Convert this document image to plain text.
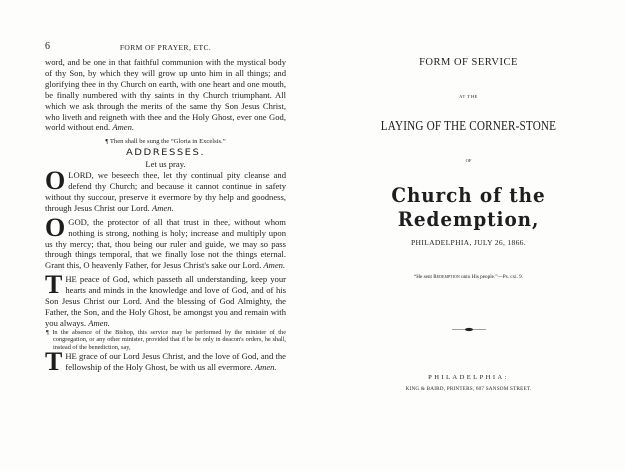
6	FORM OF PRAYER, ETC.

word, and be one in that faithful communion with the mystical body of thy Son, by which they will grow up unto him in all things; and glorifying thee in thy Church on earth, with one heart and one mouth, be finally numbered with thy saints in thy Church triumphant. All which we ask through the merits of the same thy Son Jesus Christ, who liveth and reigneth with thee and the Holy Ghost, ever one God, world without end. Amen.

¶ Then shall be sung the “Gloria in Excelsis.”

ADDRESSES.

Let us pray.

OLORD, we beseech thee, let thy continual pity cleanse and defend thy Church; and because it cannot continue in safety without thy succour, preserve it evermore by thy help and goodness, through Jesus Christ our Lord. Amen.

OGOD, the protector of all that trust in thee, without whom nothing is strong, nothing is holy; increase and multiply upon us thy mercy; that, thou being our ruler and guide, we may so pass through things temporal, that we finally lose not the things eternal. Grant this, O heavenly Father, for Jesus Christ's sake our Lord. Amen.

THE peace of God, which passeth all understanding, keep your hearts and minds in the knowledge and love of God, and of his Son Jesus Christ our Lord. And the blessing of God Almighty, the Father, the Son, and the Holy Ghost, be amongst you and remain with you always. Amen.

¶ In the absence of the Bishop, this service may be performed by the minister of the congregation, or any other minister, provided that if he be only in deacon's orders, he shall, instead of the benediction, say,

THE grace of our Lord Jesus Christ, and the love of God, and the fellowship of the Holy Ghost, be with us all evermore. Amen.

FORM OF SERVICE
AT THE
LAYING OF THE CORNER-STONE
OF
Church of the Redemption,
PHILADELPHIA, JULY 26, 1866.
“He sent Redemption unto His people.”—Ps. cxi. 9.
PHILADELPHIA:
KING & BAIRD, PRINTERS, 607 SANSOM STREET.
